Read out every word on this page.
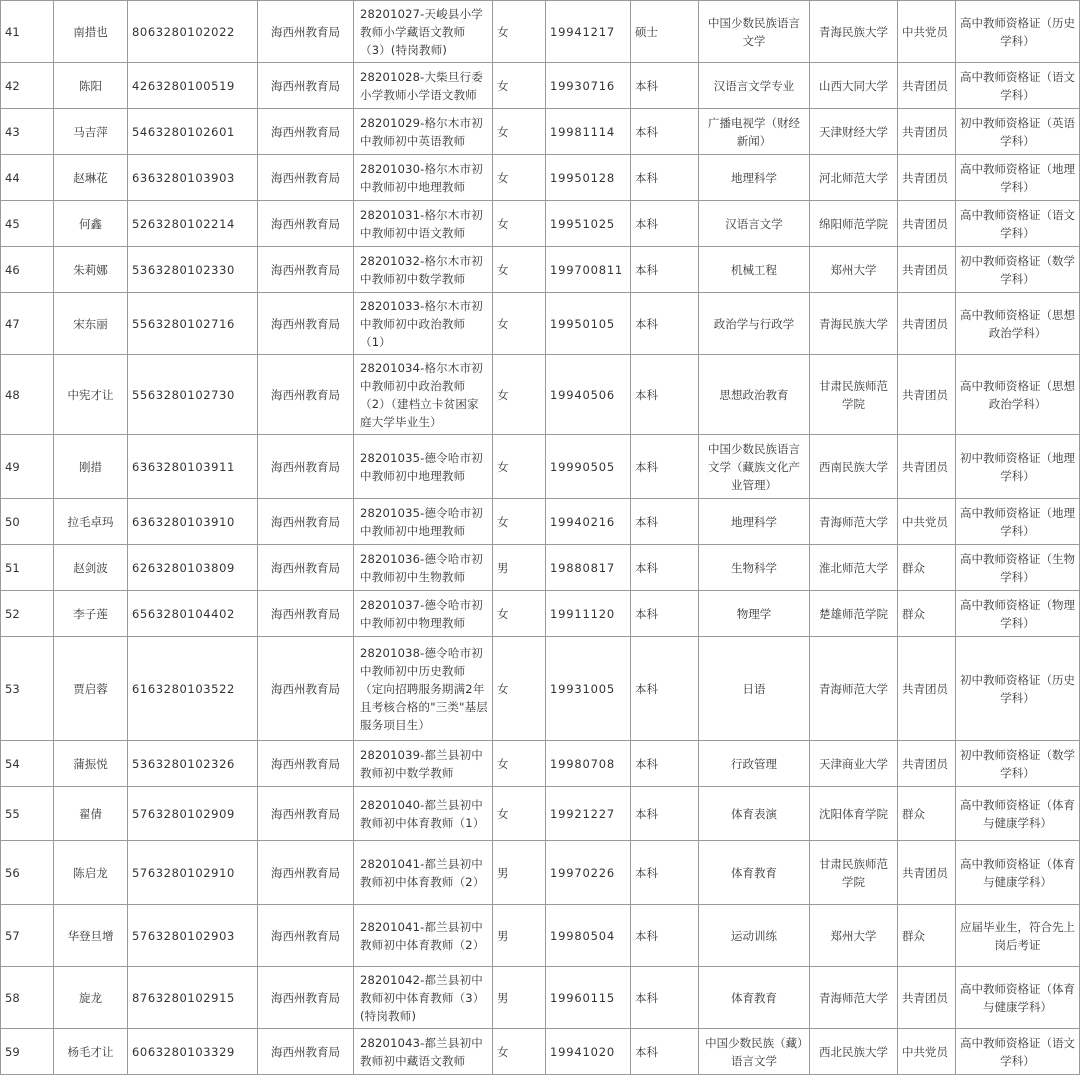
41	南措也	8063280102022	海西州教育局	28201027-天峻县小学教师小学藏语文教师（3）(特岗教师)	女	19941217	硕士	中国少数民族语言文学	青海民族大学	中共党员	高中教师资格证（历史学科）
42	陈阳	4263280100519	海西州教育局	28201028-大柴旦行委小学教师小学语文教师	女	19930716	本科	汉语言文学专业	山西大同大学	共青团员	高中教师资格证（语文学科）
43	马吉萍	5463280102601	海西州教育局	28201029-格尔木市初中教师初中英语教师	女	19981114	本科	广播电视学（财经新闻）	天津财经大学	共青团员	初中教师资格证（英语学科）
44	赵琳花	6363280103903	海西州教育局	28201030-格尔木市初中教师初中地理教师	女	19950128	本科	地理科学	河北师范大学	共青团员	高中教师资格证（地理学科）
45	何鑫	5263280102214	海西州教育局	28201031-格尔木市初中教师初中语文教师	女	19951025	本科	汉语言文学	绵阳师范学院	共青团员	高中教师资格证（语文学科）
46	朱莉娜	5363280102330	海西州教育局	28201032-格尔木市初中教师初中数学教师	女	199700811	本科	机械工程	郑州大学	共青团员	初中教师资格证（数学学科）
47	宋东丽	5563280102716	海西州教育局	28201033-格尔木市初中教师初中政治教师（1）	女	19950105	本科	政治学与行政学	青海民族大学	共青团员	高中教师资格证（思想政治学科）
48	中宪才让	5563280102730	海西州教育局	28201034-格尔木市初中教师初中政治教师（2）（建档立卡贫困家庭大学毕业生）	女	19940506	本科	思想政治教育	甘肃民族师范学院	共青团员	高中教师资格证（思想政治学科）
49	刚措	6363280103911	海西州教育局	28201035-德令哈市初中教师初中地理教师	女	19990505	本科	中国少数民族语言文学（藏族文化产业管理）	西南民族大学	共青团员	初中教师资格证（地理学科）
50	拉毛卓玛	6363280103910	海西州教育局	28201035-德令哈市初中教师初中地理教师	女	19940216	本科	地理科学	青海师范大学	中共党员	高中教师资格证（地理学科）
51	赵剑波	6263280103809	海西州教育局	28201036-德令哈市初中教师初中生物教师	男	19880817	本科	生物科学	淮北师范大学	群众	高中教师资格证（生物学科）
52	李子莲	6563280104402	海西州教育局	28201037-德令哈市初中教师初中物理教师	女	19911120	本科	物理学	楚雄师范学院	群众	高中教师资格证（物理学科）
53	贾启蓉	6163280103522	海西州教育局	28201038-德令哈市初中教师初中历史教师（定向招聘服务期满2年且考核合格的"三类"基层服务项目生）	女	19931005	本科	日语	青海师范大学	共青团员	初中教师资格证（历史学科）
54	蒲振悦	5363280102326	海西州教育局	28201039-都兰县初中教师初中数学教师	女	19980708	本科	行政管理	天津商业大学	共青团员	初中教师资格证（数学学科）
55	翟倩	5763280102909	海西州教育局	28201040-都兰县初中教师初中体育教师（1）	女	19921227	本科	体育表演	沈阳体育学院	群众	高中教师资格证（体育与健康学科）
56	陈启龙	5763280102910	海西州教育局	28201041-都兰县初中教师初中体育教师（2）	男	19970226	本科	体育教育	甘肃民族师范学院	共青团员	高中教师资格证（体育与健康学科）
57	华登旦增	5763280102903	海西州教育局	28201041-都兰县初中教师初中体育教师（2）	男	19980504	本科	运动训练	郑州大学	群众	应届毕业生，符合先上岗后考证
58	旋龙	8763280102915	海西州教育局	28201042-都兰县初中教师初中体育教师（3）(特岗教师)	男	19960115	本科	体育教育	青海师范大学	共青团员	高中教师资格证（体育与健康学科）
59	杨毛才让	6063280103329	海西州教育局	28201043-都兰县初中教师初中藏语文教师	女	19941020	本科	中国少数民族（藏）语言文学	西北民族大学	中共党员	高中教师资格证（语文学科）
